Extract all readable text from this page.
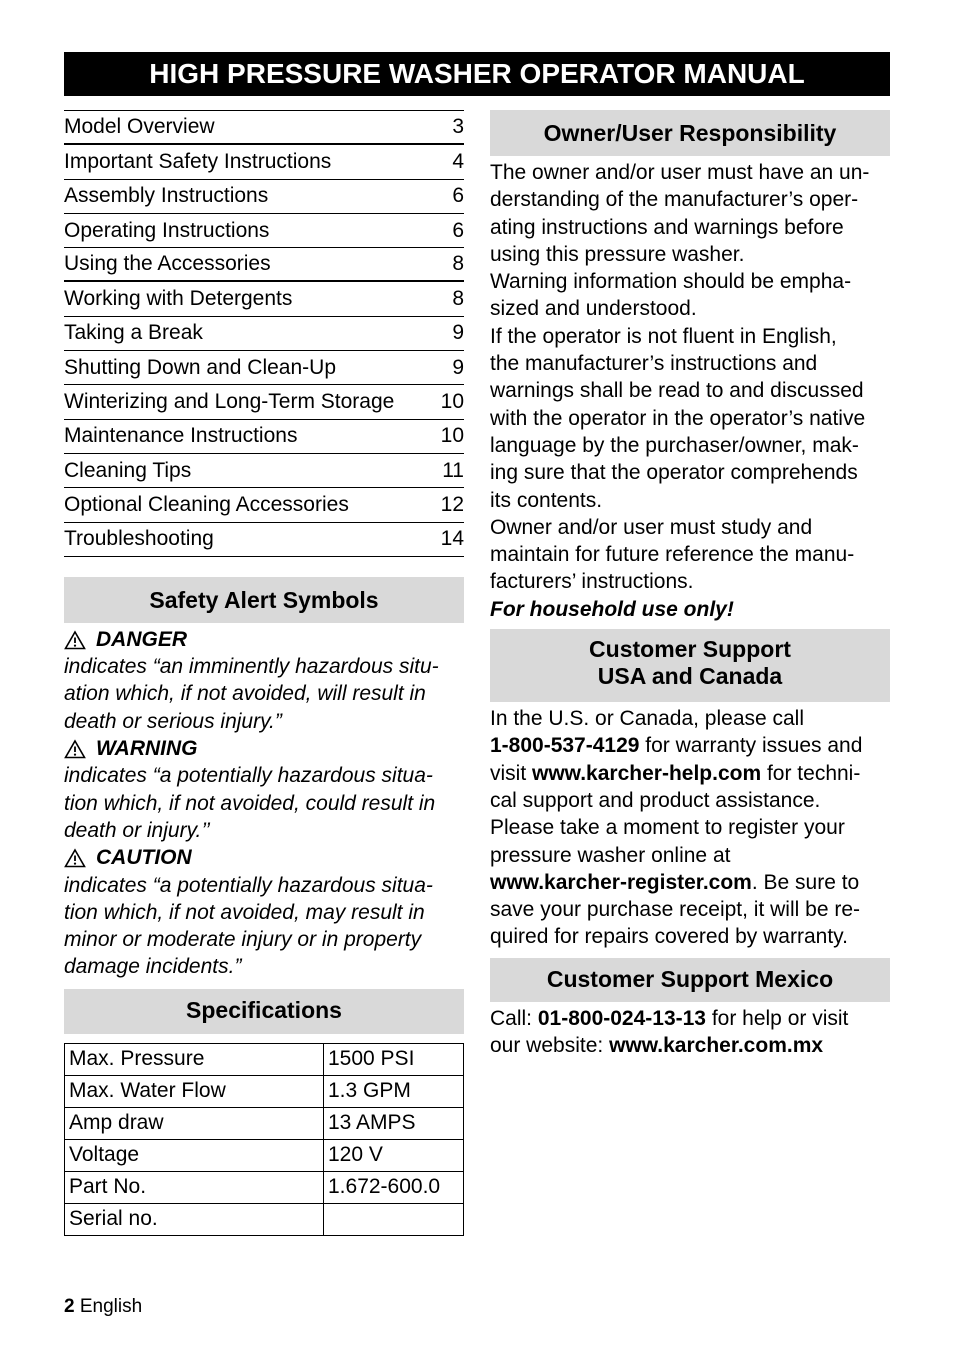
HIGH PRESSURE WASHER OPERATOR MANUAL
Model Overview	3
Important Safety Instructions	4
Assembly Instructions	6
Operating Instructions	6
Using the Accessories	8
Working with Detergents	8
Taking a Break	9
Shutting Down and Clean-Up	9
Winterizing and Long-Term Storage 10
Maintenance Instructions	10
Cleaning Tips	11
Optional Cleaning Accessories	12
Troubleshooting	14
Safety Alert Symbols
DANGER
indicates “an imminently hazardous situ-ation which, if not avoided, will result in death or serious injury.”
WARNING
indicates “a potentially hazardous situa-tion which, if not avoided, could result in death or injury.’’
CAUTION
indicates “a potentially hazardous situa-tion which, if not avoided, may result in minor or moderate injury or in property damage incidents.”
Specifications
Max. Pressure	1500 PSI
Max. Water Flow	1.3 GPM
Amp draw	13 AMPS
Voltage	120 V
Part No.	1.672-600.0
Serial no.	
Owner/User Responsibility
The owner and/or user must have an un-
derstanding of the manufacturer’s oper-
ating instructions and warnings before
using this pressure washer.
Warning information should be empha-
sized and understood.
If the operator is not fluent in English,
the manufacturer’s instructions and
warnings shall be read to and discussed
with the operator in the operator’s native
language by the purchaser/owner, mak-
ing sure that the operator comprehends
its contents.
Owner and/or user must study and
maintain for future reference the manu-
facturers’ instructions.
For household use only!
Customer Support
USA and Canada
In the U.S. or Canada, please call
1-800-537-4129 for warranty issues and
visit www.karcher-help.com for techni-
cal support and product assistance.
Please take a moment to register your
pressure washer online at
www.karcher-register.com. Be sure to
save your purchase receipt, it will be re-
quired for repairs covered by warranty.
Customer Support Mexico
Call: 01-800-024-13-13 for help or visit
our website: www.karcher.com.mx
2 English
